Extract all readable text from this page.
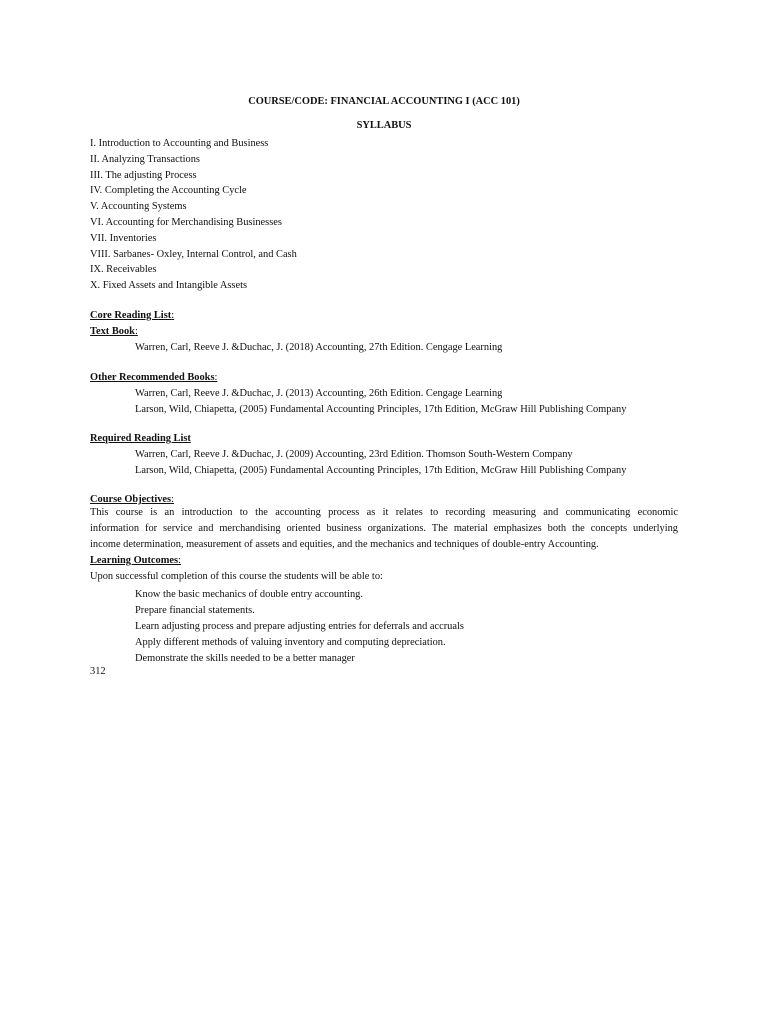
COURSE/CODE: FINANCIAL ACCOUNTING I (ACC 101)
SYLLABUS
I. Introduction to Accounting and Business
II. Analyzing Transactions
III. The adjusting Process
IV. Completing the Accounting Cycle
V. Accounting Systems
VI. Accounting for Merchandising Businesses
VII. Inventories
VIII. Sarbanes- Oxley, Internal Control, and Cash
IX. Receivables
X. Fixed Assets and Intangible Assets
Core Reading List:
Text Book:
Warren, Carl, Reeve J. &Duchac, J. (2018) Accounting, 27th Edition. Cengage Learning
Other Recommended Books:
Warren, Carl, Reeve J. &Duchac, J. (2013) Accounting, 26th Edition. Cengage Learning
Larson, Wild, Chiapetta, (2005) Fundamental Accounting Principles, 17th Edition, McGraw Hill Publishing Company
Required Reading List
Warren, Carl, Reeve J. &Duchac, J. (2009) Accounting, 23rd Edition. Thomson South-Western Company
Larson, Wild, Chiapetta, (2005) Fundamental Accounting Principles, 17th Edition, McGraw Hill Publishing Company
Course Objectives:
This course is an introduction to the accounting process as it relates to recording measuring and communicating economic
information for service and merchandising oriented business organizations. The material emphasizes both the concepts underlying
income determination, measurement of assets and equities, and the mechanics and techniques of double-entry Accounting.
Learning Outcomes:
Upon successful completion of this course the students will be able to:
Know the basic mechanics of double entry accounting.
Prepare financial statements.
Learn adjusting process and prepare adjusting entries for deferrals and accruals
Apply different methods of valuing inventory and computing depreciation.
Demonstrate the skills needed to be a better manager
312
